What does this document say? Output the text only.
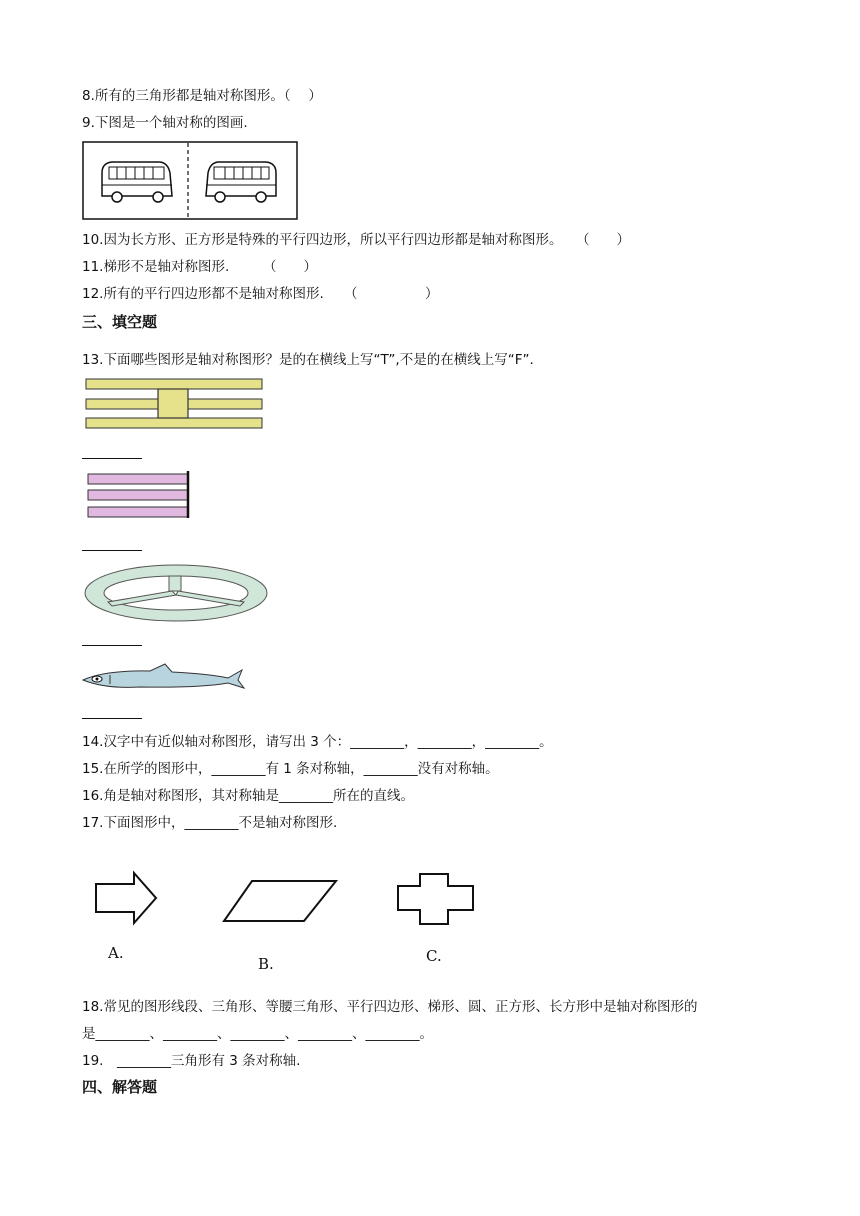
8.所有的三角形都是轴对称图形。（　 ）
9.下图是一个轴对称的图画.
10.因为长方形、正方形是特殊的平行四边形，所以平行四边形都是轴对称图形。　　（　　）
11.梯形不是轴对称图形.　　　（　　）
12.所有的平行四边形都不是轴对称图形.　　（　　　　　）
三、填空题
13.下面哪些图形是轴对称图形？是的在横线上写“T”,不是的在横线上写“F”.
14.汉字中有近似轴对称图形，请写出 3 个：________，________，________。
15.在所学的图形中，________有 1 条对称轴，________没有对称轴。
16.角是轴对称图形，其对称轴是________所在的直线。
17.下面图形中，________不是轴对称图形.
A.
B.	C.
18.常见的图形线段、三角形、等腰三角形、平行四边形、梯形、圆、正方形、长方形中是轴对称图形的
是________、________、________、________、________。
19.　________三角形有 3 条对称轴.
四、解答题
